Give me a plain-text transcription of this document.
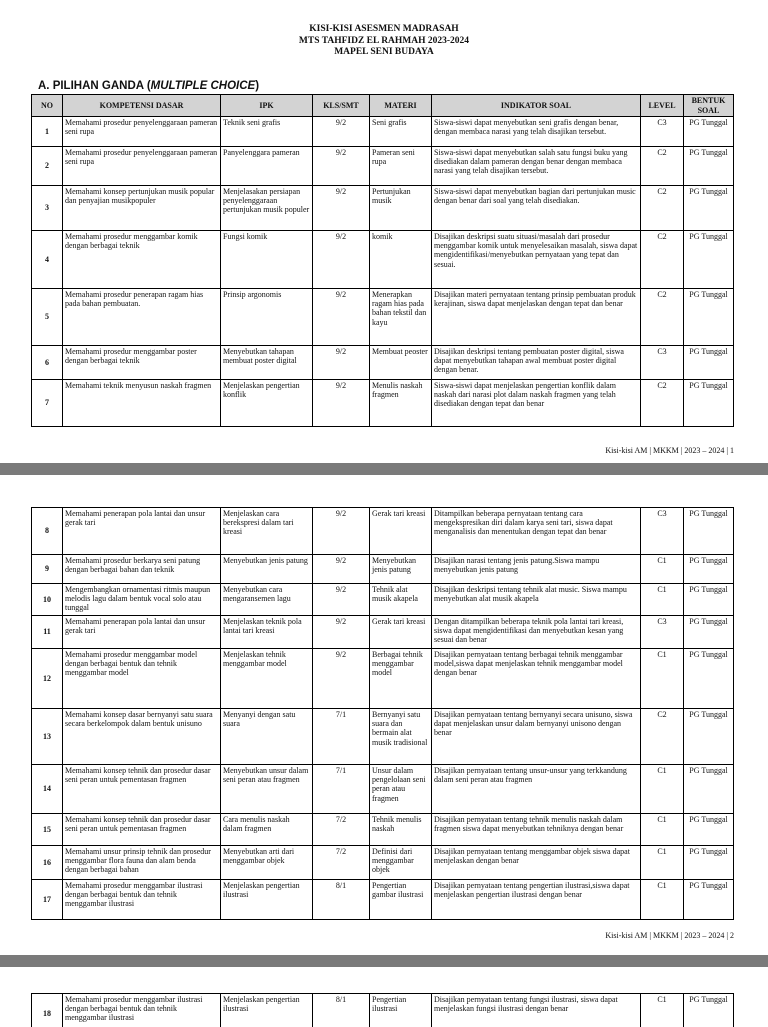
KISI-KISI ASESMEN MADRASAH
MTS TAHFIDZ EL RAHMAH 2023-2024
MAPEL SENI BUDAYA
A. PILIHAN GANDA (MULTIPLE CHOICE)
NO	KOMPETENSI DASAR	IPK	KLS/SMT	MATERI	INDIKATOR SOAL	LEVEL	BENTUK SOAL
1	Memahami prosedur penyelenggaraan pameran seni rupa	Teknik seni grafis	9/2	Seni grafis	Siswa-siswi dapat menyebutkan seni grafis dengan benar, dengan membaca narasi yang telah disajikan tersebut.	C3	PG Tunggal
2	Memahami prosedur penyelenggaraan pameran seni rupa	Panyelenggara pameran	9/2	Pameran seni rupa	Siswa-siswi dapat menyebutkan salah satu fungsi buku yang disediakan dalam pameran dengan benar dengan membaca narasi yang telah disajikan tersebut.	C2	PG Tunggal
3	Memahami konsep pertunjukan musik popular dan penyajian musikpopuler	Menjelasakan persiapan penyelenggaraan pertunjukan musik populer	9/2	Pertunjukan musik	Siswa-siswi dapat menyebutkan bagian dari pertunjukan music dengan benar dari soal yang telah disediakan.	C2	PG Tunggal
4	Memahami prosedur menggambar komik dengan berbagai teknik	Fungsi komik	9/2	komik	Disajikan deskripsi suatu situasi/masalah dari prosedur menggambar komik untuk menyelesaikan masalah, siswa dapat mengidentifikasi/menyebutkan pernyataan yang tepat dan sesuai.	C2	PG Tunggal
5	Memahami prosedur penerapan ragam hias pada bahan pembuatan.	Prinsip argonomis	9/2	Menerapkan ragam hias pada bahan tekstil dan kayu	Disajikan materi pernyataan tentang prinsip pembuatan produk kerajinan, siswa dapat menjelaskan dengan tepat dan benar	C2	PG Tunggal
6	Memahami prosedur menggambar poster dengan berbagai teknik	Menyebutkan tahapan membuat poster digital	9/2	Membuat peoster	Disajikan deskripsi tentang pembuatan poster digital, siswa dapat menyebutkan tahapan awal membuat poster digital dengan benar.	C3	PG Tunggal
7	Memahami teknik menyusun naskah fragmen	Menjelaskan pengertian konflik	9/2	Menulis naskah fragmen	Siswa-siswi dapat menjelaskan pengertian konflik dalam naskah dari narasi plot dalam naskah fragmen yang telah disediakan dengan tepat dan benar	C2	PG Tunggal
Kisi-kisi AM | MKKM | 2023 – 2024 | 1
8	Memahami penerapan pola lantai dan unsur gerak tari	Menjelaskan cara berekspresi dalam tari kreasi	9/2	Gerak tari kreasi	Ditampilkan beberapa pernyataan tentang cara mengekspresikan diri dalam karya seni tari, siswa dapat menganalisis dan menentukan dengan tepat dan benar	C3	PG Tunggal
9	Memahami prosedur berkarya seni patung dengan berbagai bahan dan teknik	Menyebutkan jenis patung	9/2	Menyebutkan jenis patung	Disajikan narasi tentang jenis patung.Siswa mampu menyebutkan jenis patung	C1	PG Tunggal
10	Mengembangkan ornamentasi ritmis maupun melodis lagu dalam bentuk vocal solo atau tunggal	Menyebutkan cara mengaransemen lagu	9/2	Tehnik alat musik akapela	Disajikan deskripsi tentang tehnik alat music. Siswa mampu menyebutkan alat musik akapela	C1	PG Tunggal
11	Memahami penerapan pola lantai dan unsur gerak tari	Menjelaskan teknik pola lantai tari kreasi	9/2	Gerak tari kreasi	Dengan ditampilkan beberapa teknik pola lantai tari kreasi, siswa dapat mengidentifikasi dan menyebutkan kesan yang sesuai dan benar	C3	PG Tunggal
12	Memahami prosedur menggambar model dengan berbagai bentuk dan tehnik menggambar model	Menjelaskan tehnik menggambar model	9/2	Berbagai tehnik menggambar model	Disajikan pernyataan tentang berbagai tehnik menggambar model,siswa dapat menjelaskan tehnik menggambar model dengan benar	C1	PG Tunggal
13	Memahami konsep dasar bernyanyi satu suara secara berkelompok dalam bentuk unisuno	Menyanyi dengan satu suara	7/1	Bernyanyi satu suara dan bermain alat musik tradisional	Disajikan pernyataan tentang bernyanyi secara unisuno, siswa dapat menjelaskan unsur dalam bernyanyi unisono dengan benar	C2	PG Tunggal
14	Memahami konsep tehnik dan prosedur dasar seni peran untuk pementasan fragmen	Menyebutkan unsur dalam seni peran atau fragmen	7/1	Unsur dalam pengelolaan seni peran atau fragmen	Disajikan pernyataan tentang unsur-unsur yang terkkandung dalam seni peran atau fragmen	C1	PG Tunggal
15	Memahami konsep tehnik dan prosedur dasar seni peran untuk pementasan fragmen	Cara menulis naskah dalam fragmen	7/2	Tehnik menulis naskah	Disajikan pernyataan tentang tehnik menulis naskah dalam fragmen siswa dapat menyebutkan tehniknya dengan benar	C1	PG Tunggal
16	Memahami unsur prinsip tehnik dan prosedur menggambar flora fauna dan alam benda dengan berbagai bahan	Menyebutkan arti dari menggambar objek	7/2	Definisi dari menggambar objek	Disajikan pernyataan tentang menggambar objek siswa dapat menjelaskan dengan benar	C1	PG Tunggal
17	Memahami prosedur menggambar ilustrasi dengan berbagai bentuk dan tehnik menggambar ilustrasi	Menjelaskan pengertian ilustrasi	8/1	Pengertian gambar ilustrasi	Disajikan pernyataan tentang pengertian ilustrasi,siswa dapat menjelaskan pengertian ilustrasi dengan benar	C1	PG Tunggal
Kisi-kisi AM | MKKM | 2023 – 2024 | 2
18	Memahami prosedur menggambar ilustrasi dengan berbagai bentuk dan tehnik menggambar ilustrasi	Menjelaskan pengertian ilustrasi	8/1	Pengertian ilustrasi	Disajikan pernyataan tentang fungsi ilustrasi, siswa dapat menjelaskan fungsi ilustrasi dengan benar	C1	PG Tunggal
